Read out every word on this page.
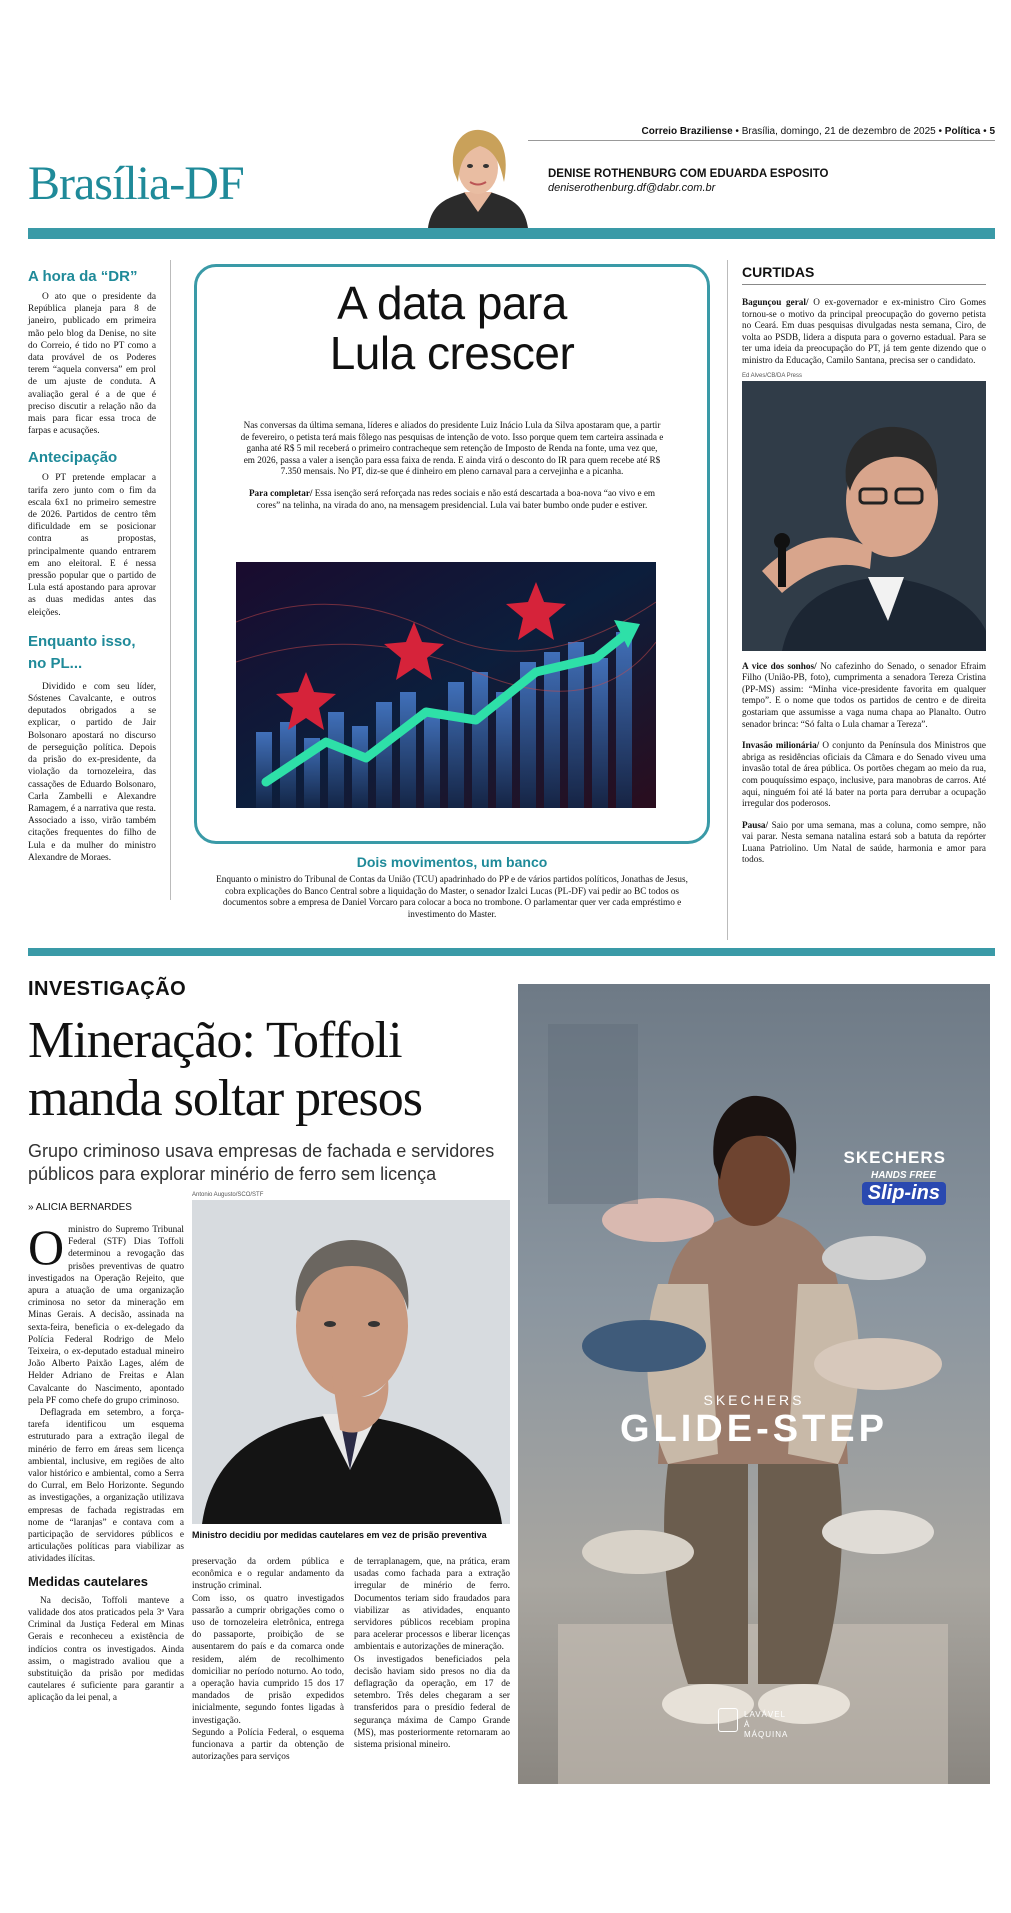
Correio Braziliense • Brasília, domingo, 21 de dezembro de 2025 • Política • 5
Brasília-DF	DENISE ROTHENBURG COM EDUARDA ESPOSITO
deniserothenburg.df@dabr.com.br
A hora da “DR”

O ato que o presidente da República planeja para 8 de janeiro, publicado em primeira mão pelo blog da Denise, no site do Correio, é tido no PT como a data provável de os Poderes terem “aquela conversa” em prol de um ajuste de conduta. A avaliação geral é a de que é preciso discutir a relação não da mais para ficar essa troca de farpas e acusações.

Antecipação

O PT pretende emplacar a tarifa zero junto com o fim da escala 6x1 no primeiro semestre de 2026. Partidos de centro têm dificuldade em se posicionar contra as propostas, principalmente quando entrarem em ano eleitoral. E é nessa pressão popular que o partido de Lula está apostando para aprovar as duas medidas antes das eleições.

Enquanto isso, no PL...

Dividido e com seu líder, Sóstenes Cavalcante, e outros deputados obrigados a se explicar, o partido de Jair Bolsonaro apostará no discurso de perseguição política. Depois da prisão do ex-presidente, da violação da tornozeleira, das cassações de Eduardo Bolsonaro, Carla Zambelli e Alexandre Ramagem, é a narrativa que resta. Associado a isso, virão também citações frequentes do filho de Lula e da mulher do ministro Alexandre de Moraes.

A data para
Lula crescer

Nas conversas da última semana, líderes e aliados do presidente Luiz Inácio Lula da Silva apostaram que, a partir de fevereiro, o petista terá mais fôlego nas pesquisas de intenção de voto. Isso porque quem tem carteira assinada e ganha até R$ 5 mil receberá o primeiro contracheque sem retenção de Imposto de Renda na fonte, uma vez que, em 2026, passa a valer a isenção para essa faixa de renda. E ainda virá o desconto do IR para quem recebe até R$ 7.350 mensais. No PT, diz-se que é dinheiro em pleno carnaval para a cervejinha e a picanha.

Para completar/ Essa isenção será reforçada nas redes sociais e não está descartada a boa-nova “ao vivo e em cores” na telinha, na virada do ano, na mensagem presidencial. Lula vai bater bumbo onde puder e estiver.

Dois movimentos, um banco

Enquanto o ministro do Tribunal de Contas da União (TCU) apadrinhado do PP e de vários partidos políticos, Jonathas de Jesus, cobra explicações do Banco Central sobre a liquidação do Master, o senador Izalci Lucas (PL-DF) vai pedir ao BC todos os documentos sobre a empresa de Daniel Vorcaro para colocar a boca no trombone. O parlamentar quer ver cada empréstimo e investimento do Master.

CURTIDAS

Bagunçou geral/ O ex-governador e ex-ministro Ciro Gomes tornou-se o motivo da principal preocupação do governo petista no Ceará. Em duas pesquisas divulgadas nesta semana, Ciro, de volta ao PSDB, lidera a disputa para o governo estadual. Para se ter uma ideia da preocupação do PT, já tem gente dizendo que o ministro da Educação, Camilo Santana, precisa ser o candidato.

Ed Alves/CB/DA Press

A vice dos sonhos/ No cafezinho do Senado, o senador Efraim Filho (União-PB, foto), cumprimenta a senadora Tereza Cristina (PP-MS) assim: “Minha vice-presidente favorita em qualquer tempo”. E o nome que todos os partidos de centro e de direita gostariam que assumisse a vaga numa chapa ao Planalto. Outro senador brinca: “Só falta o Lula chamar a Tereza”.

Invasão milionária/ O conjunto da Península dos Ministros que abriga as residências oficiais da Câmara e do Senado viveu uma invasão total de área pública. Os portões chegam ao meio da rua, com pouquíssimo espaço, inclusive, para manobras de carros. Até aqui, ninguém foi até lá bater na porta para derrubar a ocupação irregular dos poderosos.

Pausa/ Saio por uma semana, mas a coluna, como sempre, não vai parar. Nesta semana natalina estará sob a batuta da repórter Luana Patriolino. Um Natal de saúde, harmonia e amor para todos.

INVESTIGAÇÃO
Mineração: Toffoli
manda soltar presos
Grupo criminoso usava empresas de fachada e servidores públicos para explorar minério de ferro sem licença
» ALICIA BERNARDES
Antonio Augusto/SCO/STF
Ministro decidiu por medidas cautelares em vez de prisão preventiva
O ministro do Supremo Tribunal Federal (STF) Dias Toffoli determinou a revogação das prisões preventivas de quatro investigados na Operação Rejeito, que apura a atuação de uma organização criminosa no setor da mineração em Minas Gerais. A decisão, assinada na sexta-feira, beneficia o ex-delegado da Polícia Federal Rodrigo de Melo Teixeira, o ex-deputado estadual mineiro João Alberto Paixão Lages, além de Helder Adriano de Freitas e Alan Cavalcante do Nascimento, apontado pela PF como chefe do grupo criminoso.

Deflagrada em setembro, a força-tarefa identificou um esquema estruturado para a extração ilegal de minério de ferro em áreas sem licença ambiental, inclusive, em regiões de alto valor histórico e ambiental, como a Serra do Curral, em Belo Horizonte. Segundo as investigações, a organização utilizava empresas de fachada registradas em nome de “laranjas” e contava com a participação de servidores públicos e articulações políticas para viabilizar as atividades ilícitas.

Medidas cautelares

Na decisão, Toffoli manteve a validade dos atos praticados pela 3ª Vara Criminal da Justiça Federal em Minas Gerais e reconheceu a existência de indícios contra os investigados. Ainda assim, o magistrado avaliou que a substituição da prisão por medidas cautelares é suficiente para garantir a aplicação da lei penal, a

preservação da ordem pública e econômica e o regular andamento da instrução criminal.
Com isso, os quatro investigados passarão a cumprir obrigações como o uso de tornozeleira eletrônica, entrega do passaporte, proibição de se ausentarem do país e da comarca onde residem, além de recolhimento domiciliar no período noturno. Ao todo, a operação havia cumprido 15 dos 17 mandados de prisão expedidos inicialmente, segundo fontes ligadas à investigação.
Segundo a Polícia Federal, o esquema funcionava a partir da obtenção de autorizações para serviços

de terraplanagem, que, na prática, eram usadas como fachada para a extração irregular de minério de ferro. Documentos teriam sido fraudados para viabilizar as atividades, enquanto servidores públicos recebiam propina para acelerar processos e liberar licenças ambientais e autorizações de mineração.
Os investigados beneficiados pela decisão haviam sido presos no dia da deflagração da operação, em 17 de setembro. Três deles chegaram a ser transferidos para o presídio federal de segurança máxima de Campo Grande (MS), mas posteriormente retornaram ao sistema prisional mineiro.

SKECHERS
HANDS FREE
Slip-ins
SKECHERS
GLIDE-STEP
LAVÁVEL À MÁQUINA
